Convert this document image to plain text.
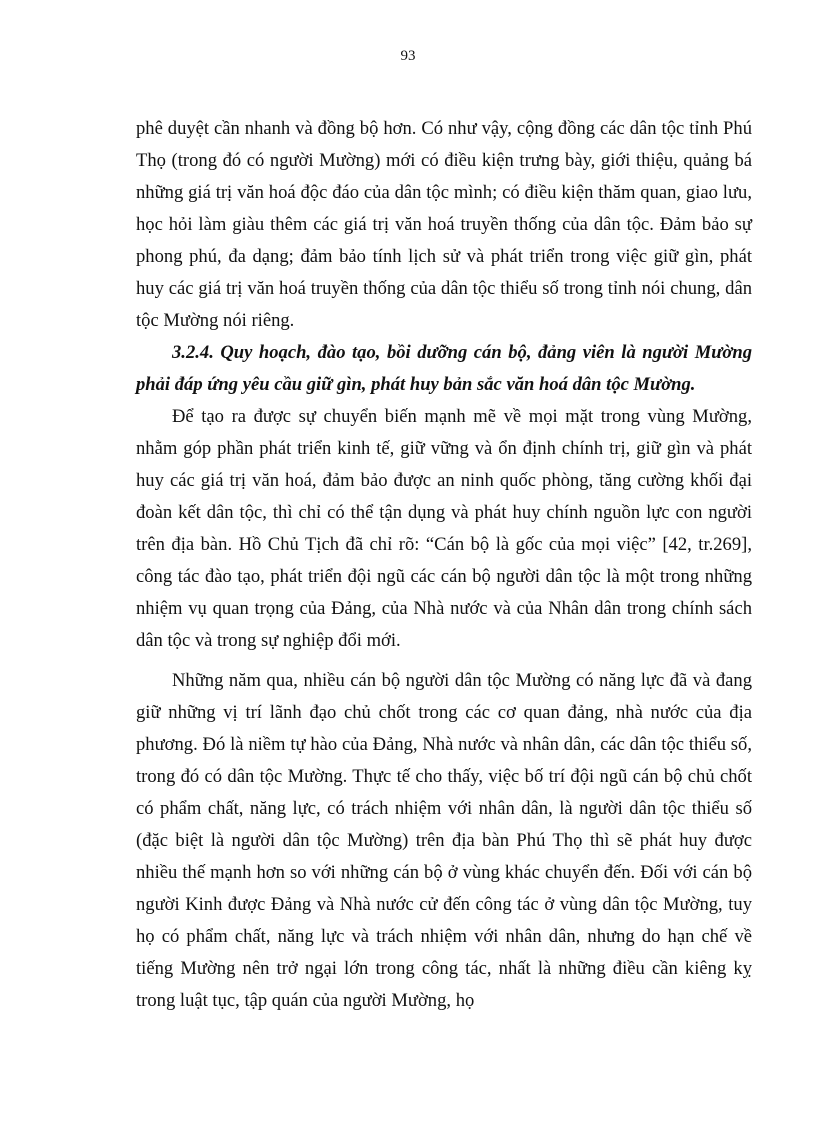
93

phê duyệt cần nhanh và đồng bộ hơn. Có như vậy, cộng đồng các dân tộc tỉnh Phú Thọ (trong đó có người Mường) mới có điều kiện trưng bày, giới thiệu, quảng bá những giá trị văn hoá độc đáo của dân tộc mình; có điều kiện thăm quan, giao lưu, học hỏi làm giàu thêm các giá trị văn hoá truyền thống của dân tộc. Đảm bảo sự phong phú, đa dạng; đảm bảo tính lịch sử và phát triển trong việc giữ gìn, phát huy các giá trị văn hoá truyền thống của dân tộc thiểu số trong tỉnh nói chung, dân tộc Mường nói riêng.

3.2.4. Quy hoạch, đào tạo, bồi dưỡng cán bộ, đảng viên là người Mường phải đáp ứng yêu cầu giữ gìn, phát huy bản sắc văn hoá dân tộc Mường.

Để tạo ra được sự chuyển biến mạnh mẽ về mọi mặt trong vùng Mường, nhằm góp phần phát triển kinh tế, giữ vững và ổn định chính trị, giữ gìn và phát huy các giá trị văn hoá, đảm bảo được an ninh quốc phòng, tăng cường khối đại đoàn kết dân tộc, thì chỉ có thể tận dụng và phát huy chính nguồn lực con người trên địa bàn. Hồ Chủ Tịch đã chỉ rõ: “Cán bộ là gốc của mọi việc” [42, tr.269], công tác đào tạo, phát triển đội ngũ các cán bộ người dân tộc là một trong những nhiệm vụ quan trọng của Đảng, của Nhà nước và của Nhân dân trong chính sách dân tộc và trong sự nghiệp đổi mới.

Những năm qua, nhiều cán bộ người dân tộc Mường có năng lực đã và đang giữ những vị trí lãnh đạo chủ chốt trong các cơ quan đảng, nhà nước của địa phương. Đó là niềm tự hào của Đảng, Nhà nước và nhân dân, các dân tộc thiểu số, trong đó có dân tộc Mường. Thực tế cho thấy, việc bố trí đội ngũ cán bộ chủ chốt có phẩm chất, năng lực, có trách nhiệm với nhân dân, là người dân tộc thiểu số (đặc biệt là người dân tộc Mường) trên địa bàn Phú Thọ thì sẽ phát huy được nhiều thế mạnh hơn so với những cán bộ ở vùng khác chuyển đến. Đối với cán bộ người Kinh được Đảng và Nhà nước cử đến công tác ở vùng dân tộc Mường, tuy họ có phẩm chất, năng lực và trách nhiệm với nhân dân, nhưng do hạn chế về tiếng Mường nên trở ngại lớn trong công tác, nhất là những điều cần kiêng kỵ trong luật tục, tập quán của người Mường, họ
